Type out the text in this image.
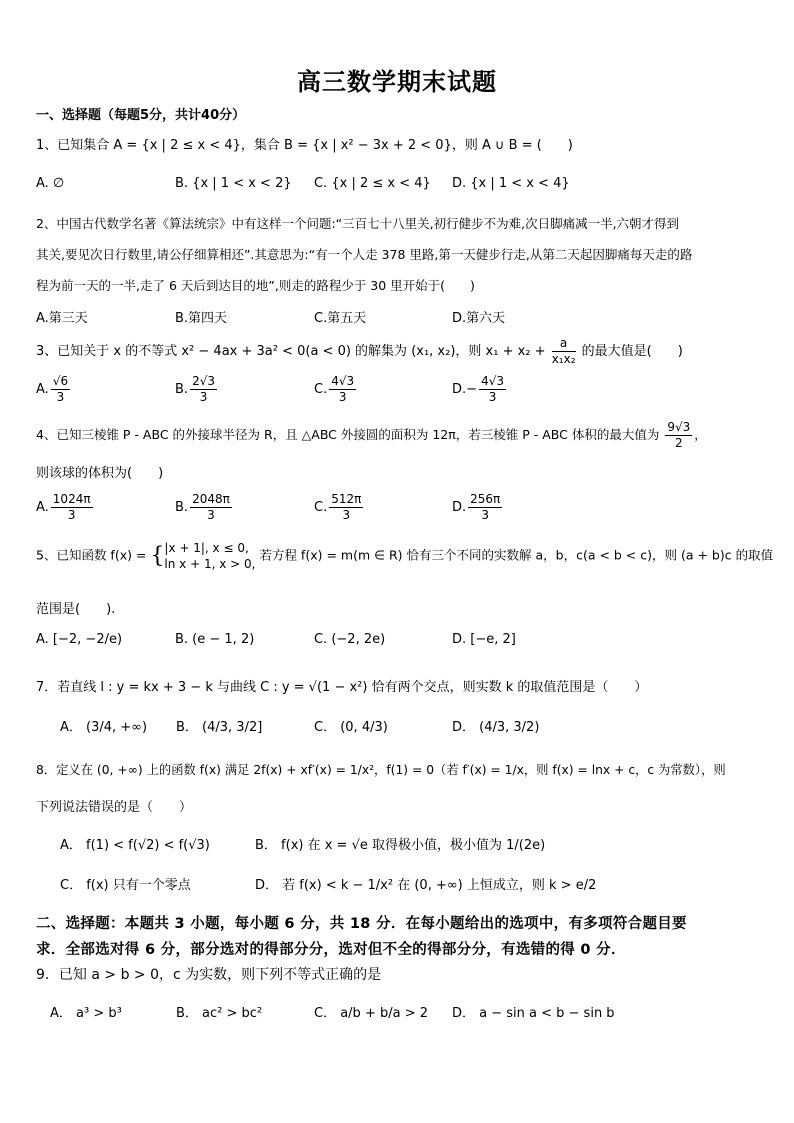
高三数学期末试题
一、选择题（每题5分，共计40分）
1、已知集合 A = {x | 2 ≤ x < 4}，集合 B = {x | x² − 3x + 2 < 0}，则 A ∪ B = (　　)
A. ∅	B. {x | 1 < x < 2} C. {x | 2 ≤ x < 4} D. {x | 1 < x < 4}
2、中国古代数学名著《算法统宗》中有这样一个问题:“三百七十八里关,初行健步不为难,次日脚痛减一半,六朝才得到
其关,要见次日行数里,请公仔细算相还”.其意思为:“有一个人走 378 里路,第一天健步行走,从第二天起因脚痛每天走的路
程为前一天的一半,走了 6 天后到达目的地”,则走的路程少于 30 里开始于(　　)
A.第三天	B.第四天	C.第五天	D.第六天
3、已知关于 x 的不等式 x² − 4ax + 3a² < 0(a < 0) 的解集为 (x₁, x₂)，则 $x_1 + x_2 + \frac{a}{\text{x₁x₂}}$ 的最大值是(　　)
A. $\frac{√6}{3}$	B. $\frac{2√3}{3}$	C. $\frac{4√3}{3}$	$D.- \frac{4√3}{3}$
4、已知三棱锥 P - ABC 的外接球半径为 R，且 △ABC 外接圆的面积为 12π，若三棱锥 P - ABC 体积的最大值为 $\frac{9√3}{2}$ ，
则该球的体积为(　　)
A. $\frac{1024\pi}{3}$	B. $\frac{2048\pi}{3}$	C. $\frac{512\pi}{3}$	D. $\frac{256\pi}{3}$
5、已知函数 f(x) = { |x + 1|, x ≤ 0,
ln x + 1, x > 0,
若方程 f(x) = m(m ∈ R) 恰有三个不同的实数解 a，b，c(a < b < c)，则 (a + b)c 的取值
范围是(　　).
A. [−2, −2/e)	B. (e − 1, 2)	C. (−2, 2e)	D. [−e, 2]
7．若直线 l : y = kx + 3 − k 与曲线 C : y = √(1 − x²) 恰有两个交点，则实数 k 的取值范围是（　　）
A． (3/4, +∞) B． (4/3, 3/2]	C． (0, 4/3)	D． (4/3, 3/2)
8．定义在 (0, +∞) 上的函数 f(x) 满足 2f(x) + xf′(x) = 1/x²，f(1) = 0（若 f′(x) = 1/x，则 f(x) = lnx + c，c 为常数），则
下列说法错误的是（　　）
A． f(1) < f(√2) < f(√3)	B． f(x) 在 x = √e 取得极小值，极小值为 1/(2e)
C． f(x) 只有一个零点	D． 若 f(x) < k − 1/x² 在 (0, +∞) 上恒成立，则 k > e/2
二、选择题：本题共 3 小题，每小题 6 分，共 18 分．在每小题给出的选项中，有多项符合题目要
求．全部选对得 6 分，部分选对的得部分分，选对但不全的得部分分，有选错的得 0 分．
9．已知 a > b > 0，c 为实数，则下列不等式正确的是
A． a³ > b³	B． ac² > bc²	C． a/b + b/a > 2 D． a − sin a < b − sin b
